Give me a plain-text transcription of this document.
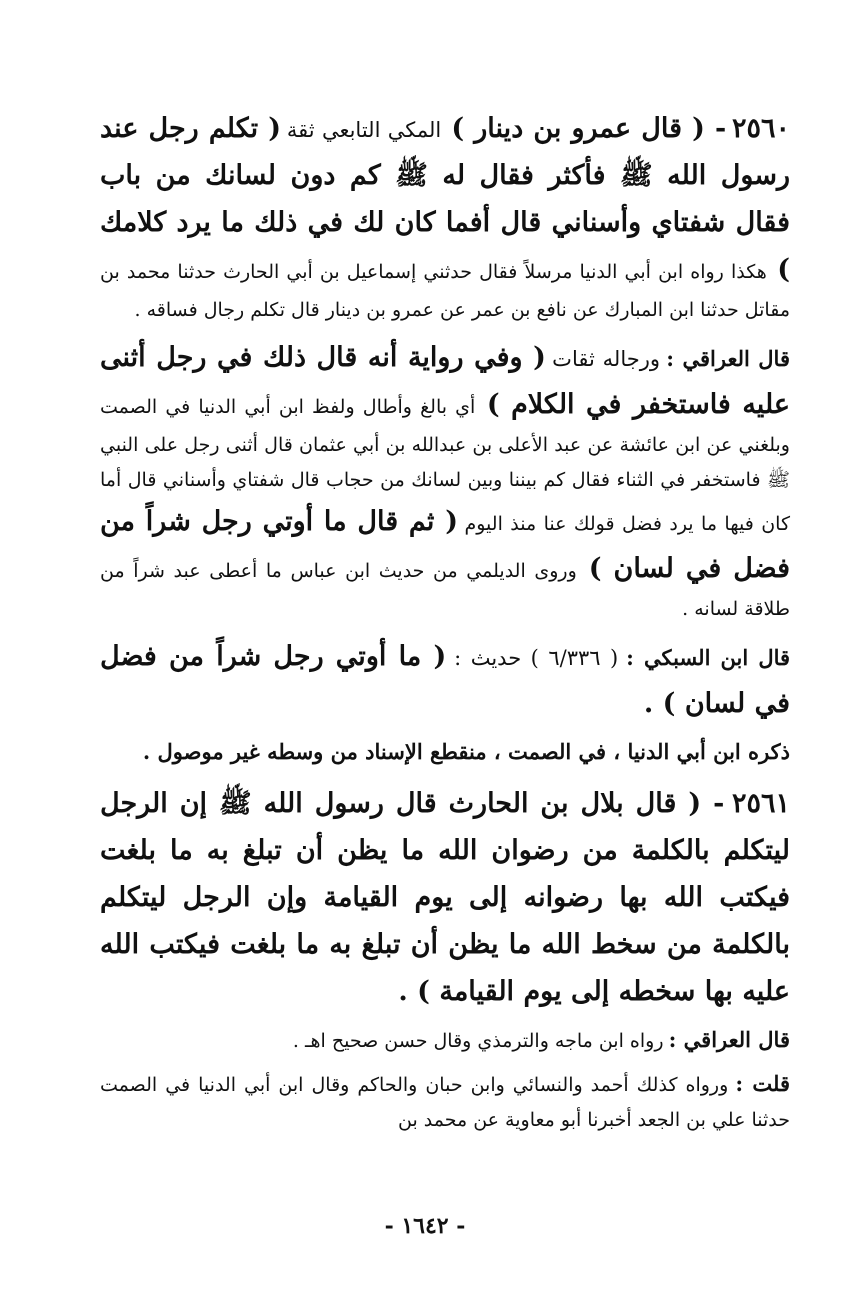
٢٥٦٠ - ( قال عمرو بن دينار ) المكي التابعي ثقة ( تكلم رجل عند رسول الله ﷺ فأكثر فقال له ﷺ كم دون لسانك من باب فقال شفتاي وأسناني قال أفما كان لك في ذلك ما يرد كلامك ) هكذا رواه ابن أبي الدنيا مرسلاً فقال حدثني إسماعيل بن أبي الحارث حدثنا محمد بن مقاتل حدثنا ابن المبارك عن نافع بن عمر عن عمرو بن دينار قال تكلم رجال فساقه .

قال العراقي : ورجاله ثقات ( وفي رواية أنه قال ذلك في رجل أثنى عليه فاستخفر في الكلام ) أي بالغ وأطال ولفظ ابن أبي الدنيا في الصمت وبلغني عن ابن عائشة عن عبد الأعلى بن عبدالله بن أبي عثمان قال أثنى رجل على النبي ﷺ فاستخفر في الثناء فقال كم بيننا وبين لسانك من حجاب قال شفتاي وأسناني قال أما كان فيها ما يرد فضل قولك عنا منذ اليوم ( ثم قال ما أوتي رجل شراً من فضل في لسان ) وروى الديلمي من حديث ابن عباس ما أعطى عبد شراً من طلاقة لسانه .

قال ابن السبكي : ( ٦/٣٣٦ ) حديث : ( ما أوتي رجل شراً من فضل في لسان ) .

ذكره ابن أبي الدنيا ، في الصمت ، منقطع الإسناد من وسطه غير موصول .

٢٥٦١ - ( قال بلال بن الحارث قال رسول الله ﷺ إن الرجل ليتكلم بالكلمة من رضوان الله ما يظن أن تبلغ به ما بلغت فيكتب الله بها رضوانه إلى يوم القيامة وإن الرجل ليتكلم بالكلمة من سخط الله ما يظن أن تبلغ به ما بلغت فيكتب الله عليه بها سخطه إلى يوم القيامة ) .

قال العراقي : رواه ابن ماجه والترمذي وقال حسن صحيح اهـ .

قلت : ورواه كذلك أحمد والنسائي وابن حبان والحاكم وقال ابن أبي الدنيا في الصمت حدثنا علي بن الجعد أخبرنا أبو معاوية عن محمد بن

- ١٦٤٢ -
